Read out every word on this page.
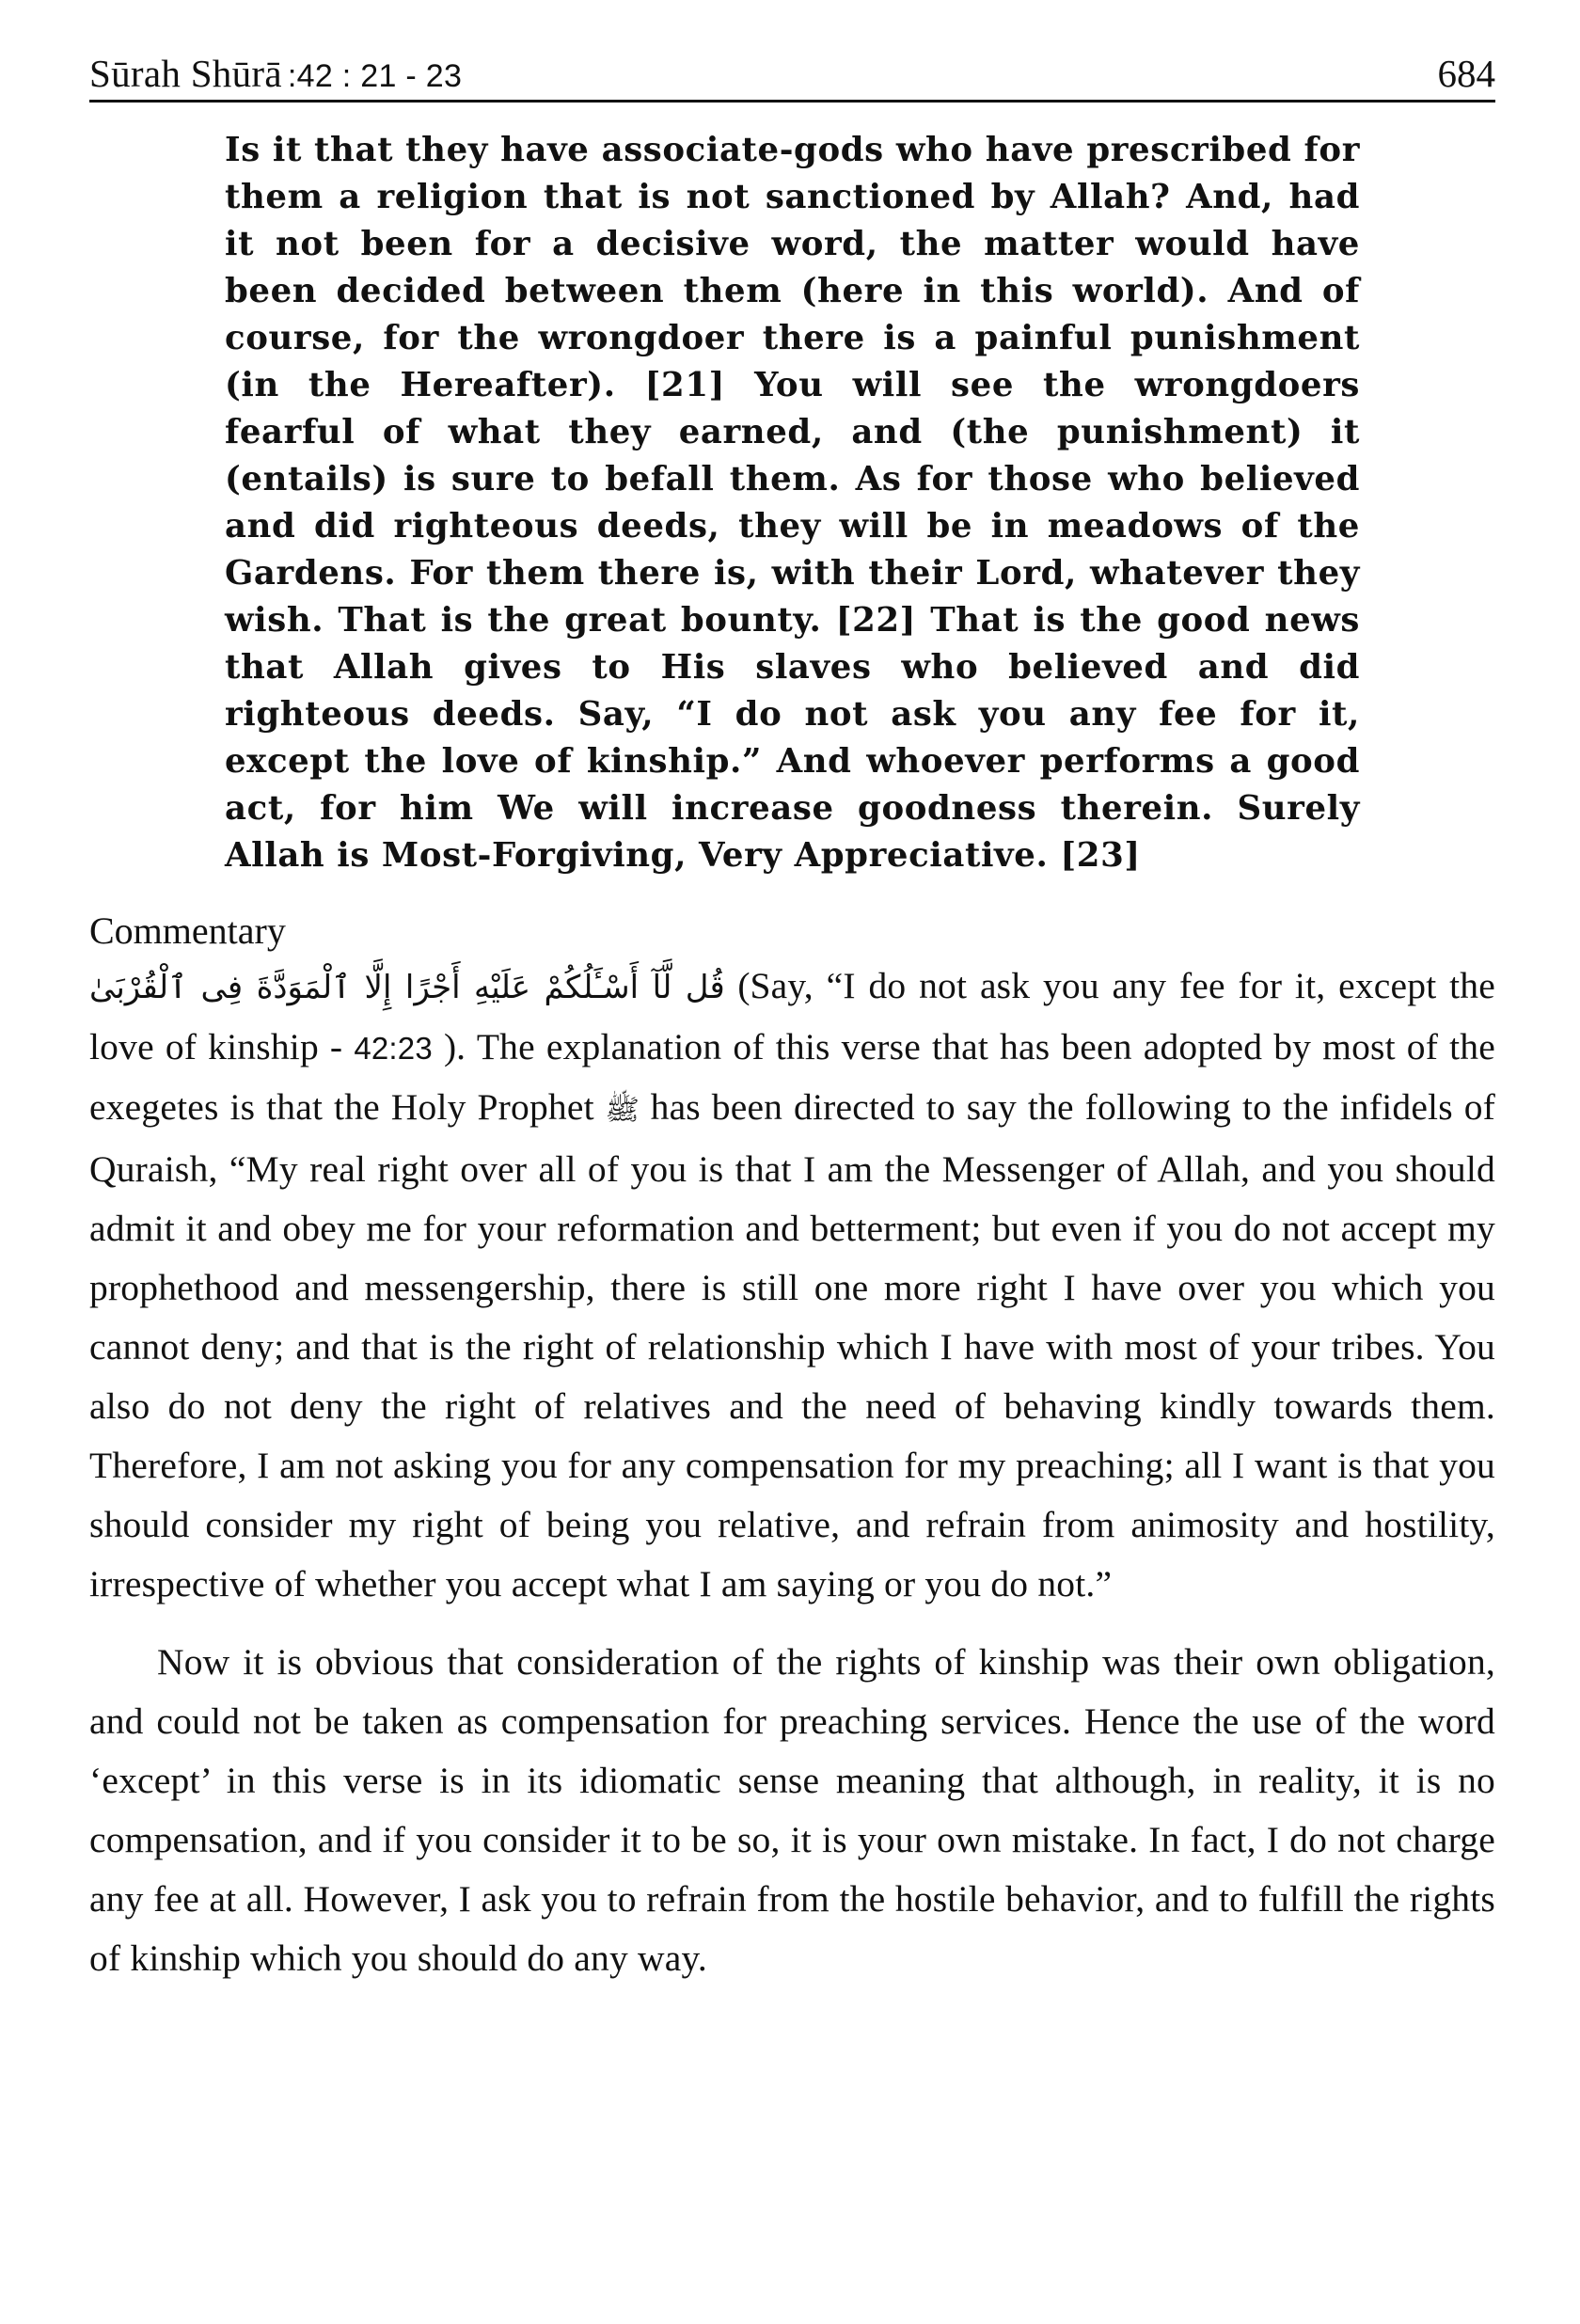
Sūrah Shūrā :42 : 21 - 23	684

Is it that they have associate-gods who have prescribed for them a religion that is not sanctioned by Allah? And, had it not been for a decisive word, the matter would have been decided between them (here in this world). And of course, for the wrongdoer there is a painful punishment (in the Hereafter). [21] You will see the wrongdoers fearful of what they earned, and (the punishment) it (entails) is sure to befall them. As for those who believed and did righteous deeds, they will be in meadows of the Gardens. For them there is, with their Lord, whatever they wish. That is the great bounty. [22] That is the good news that Allah gives to His slaves who believed and did righteous deeds. Say, “I do not ask you any fee for it, except the love of kinship.” And whoever performs a good act, for him We will increase goodness therein. Surely Allah is Most-Forgiving, Very Appreciative. [23]

Commentary

قُل لَّآ أَسْـَٔلُكُمْ عَلَيْهِ أَجْرًا إِلَّا ٱلْمَوَدَّةَ فِى ٱلْقُرْبَىٰ (Say, “I do not ask you any fee for it, except the love of kinship - 42:23 ). The explanation of this verse that has been adopted by most of the exegetes is that the Holy Prophet ﷺ has been directed to say the following to the infidels of Quraish, “My real right over all of you is that I am the Messenger of Allah, and you should admit it and obey me for your reformation and betterment; but even if you do not accept my prophethood and messengership, there is still one more right I have over you which you cannot deny; and that is the right of relationship which I have with most of your tribes. You also do not deny the right of relatives and the need of behaving kindly towards them. Therefore, I am not asking you for any compensation for my preaching; all I want is that you should consider my right of being you relative, and refrain from animosity and hostility, irrespective of whether you accept what I am saying or you do not.”

Now it is obvious that consideration of the rights of kinship was their own obligation, and could not be taken as compensation for preaching services. Hence the use of the word ‘except’ in this verse is in its idiomatic sense meaning that although, in reality, it is no compensation, and if you consider it to be so, it is your own mistake. In fact, I do not charge any fee at all. However, I ask you to refrain from the hostile behavior, and to fulfill the rights of kinship which you should do any way.
